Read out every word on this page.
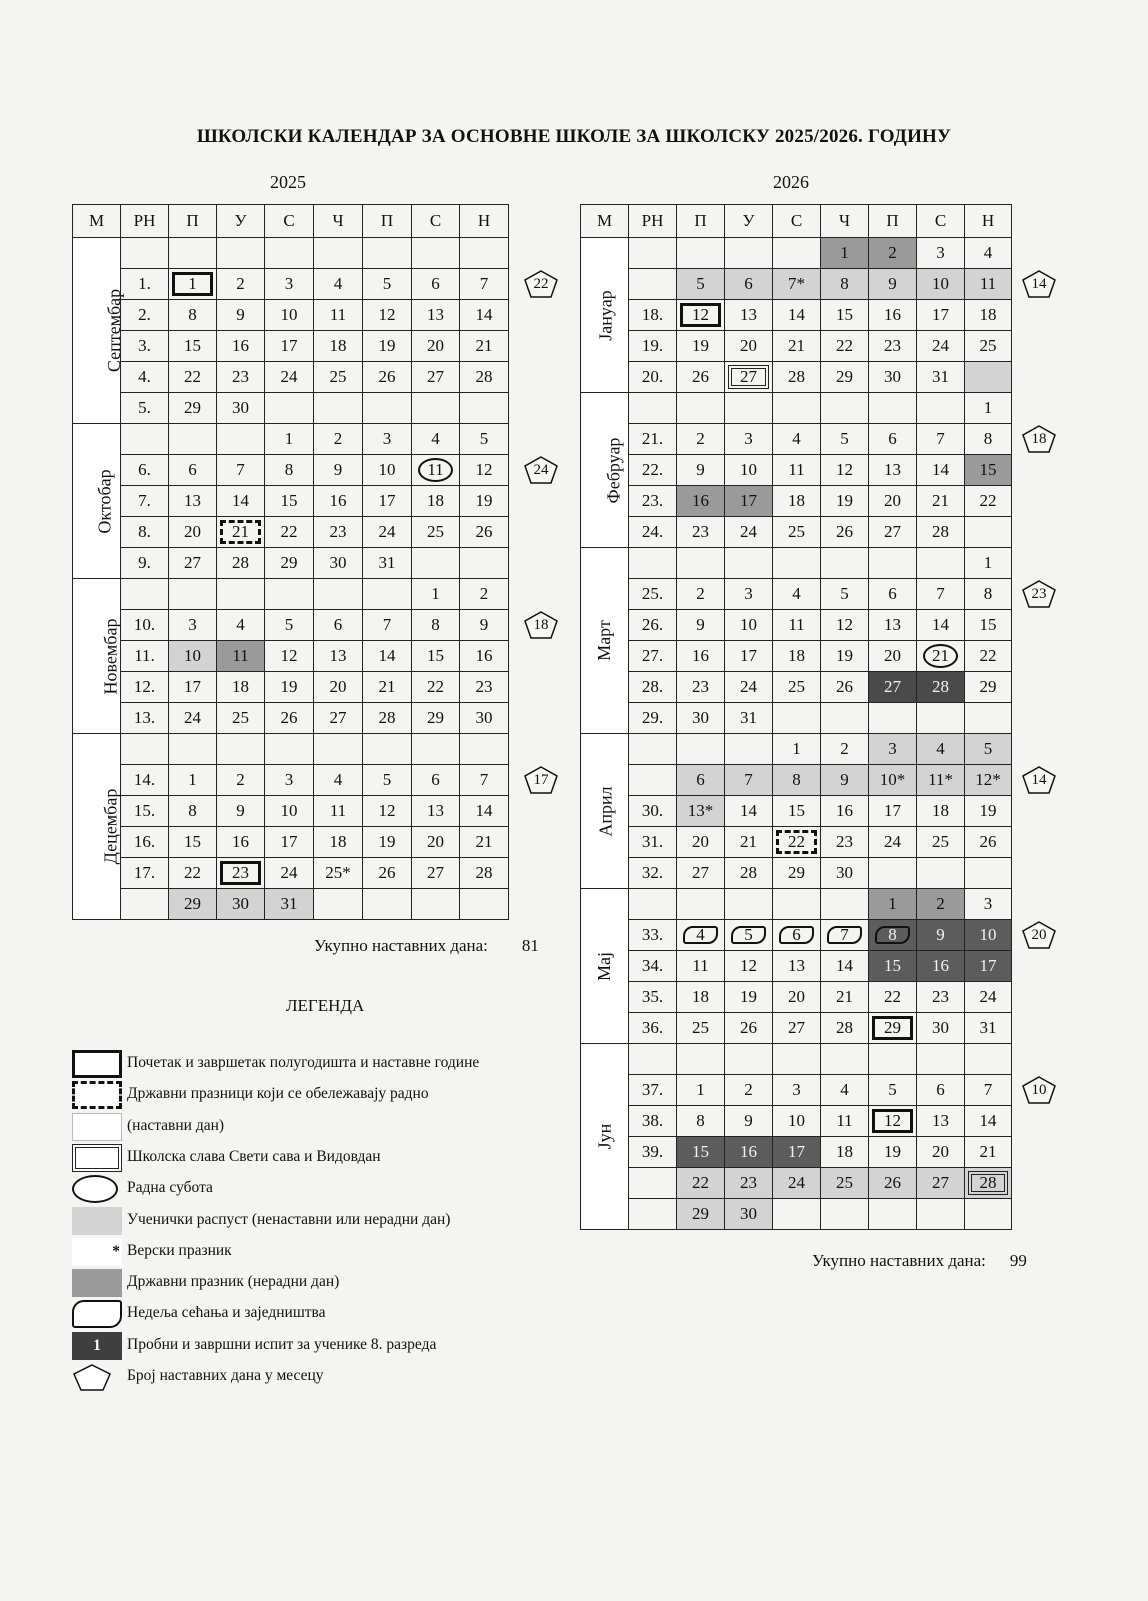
ШКОЛСКИ КАЛЕНДАР ЗА ОСНОВНЕ ШКОЛЕ ЗА ШКОЛСКУ 2025/2026. ГОДИНУ
2025	2026
М	РН	П	У	С	Ч	П	С	Н
Септембар								
	1.	1	2	3	4	5	6	7
	2.	8	9	10	11	12	13	14
	3.	15	16	17	18	19	20	21
	4.	22	23	24	25	26	27	28
	5.	29	30					
Октобар				1	2	3	4	5
	6.	6	7	8	9	10	11	12
	7.	13	14	15	16	17	18	19
	8.	20	21	22	23	24	25	26
	9.	27	28	29	30	31		
Новембар							1	2
	10.	3	4	5	6	7	8	9
	11.	10	11	12	13	14	15	16
	12.	17	18	19	20	21	22	23
	13.	24	25	26	27	28	29	30
Децембар								
	14.	1	2	3	4	5	6	7
	15.	8	9	10	11	12	13	14
	16.	15	16	17	18	19	20	21
	17.	22	23	24	25*	26	27	28
		29	30	31				
М	РН	П	У	С	Ч	П	С	Н
Јануар					1	2	3	4
		5	6	7*	8	9	10	11
	18.	12	13	14	15	16	17	18
	19.	19	20	21	22	23	24	25
	20.	26	27	28	29	30	31	
Фебруар								1
	21.	2	3	4	5	6	7	8
	22.	9	10	11	12	13	14	15
	23.	16	17	18	19	20	21	22
	24.	23	24	25	26	27	28	
Март								1
	25.	2	3	4	5	6	7	8
	26.	9	10	11	12	13	14	15
	27.	16	17	18	19	20	21	22
	28.	23	24	25	26	27	28	29
	29.	30	31					
Април				1	2	3	4	5
		6	7	8	9	10*	11*	12*
	30.	13*	14	15	16	17	18	19
	31.	20	21	22	23	24	25	26
	32.	27	28	29	30			
Мај						1	2	3
	33.	4	5	6	7	8	9	10
	34.	11	12	13	14	15	16	17
	35.	18	19	20	21	22	23	24
	36.	25	26	27	28	29	30	31
Јун								
	37.	1	2	3	4	5	6	7
	38.	8	9	10	11	12	13	14
	39.	15	16	17	18	19	20	21
		22	23	24	25	26	27	28
		29	30					
22
24
18
17
14
18
23
14
20
10
Укупно наставних дана: 81
Укупно наставних дана: 99
ЛЕГЕНДА
Почетак и завршетак полугодишта и наставне године
Државни празници који се обележавају радно
(наставни дан)
Школска слава Свети сава и Видовдан
Радна субота
Ученички распуст (ненаставни или нерадни дан)
* Верски празник
Државни празник (нерадни дан)
Недеља сећања и заједништва
1	Пробни и завршни испит за ученике 8. разреда
Број наставних дана у месецу
